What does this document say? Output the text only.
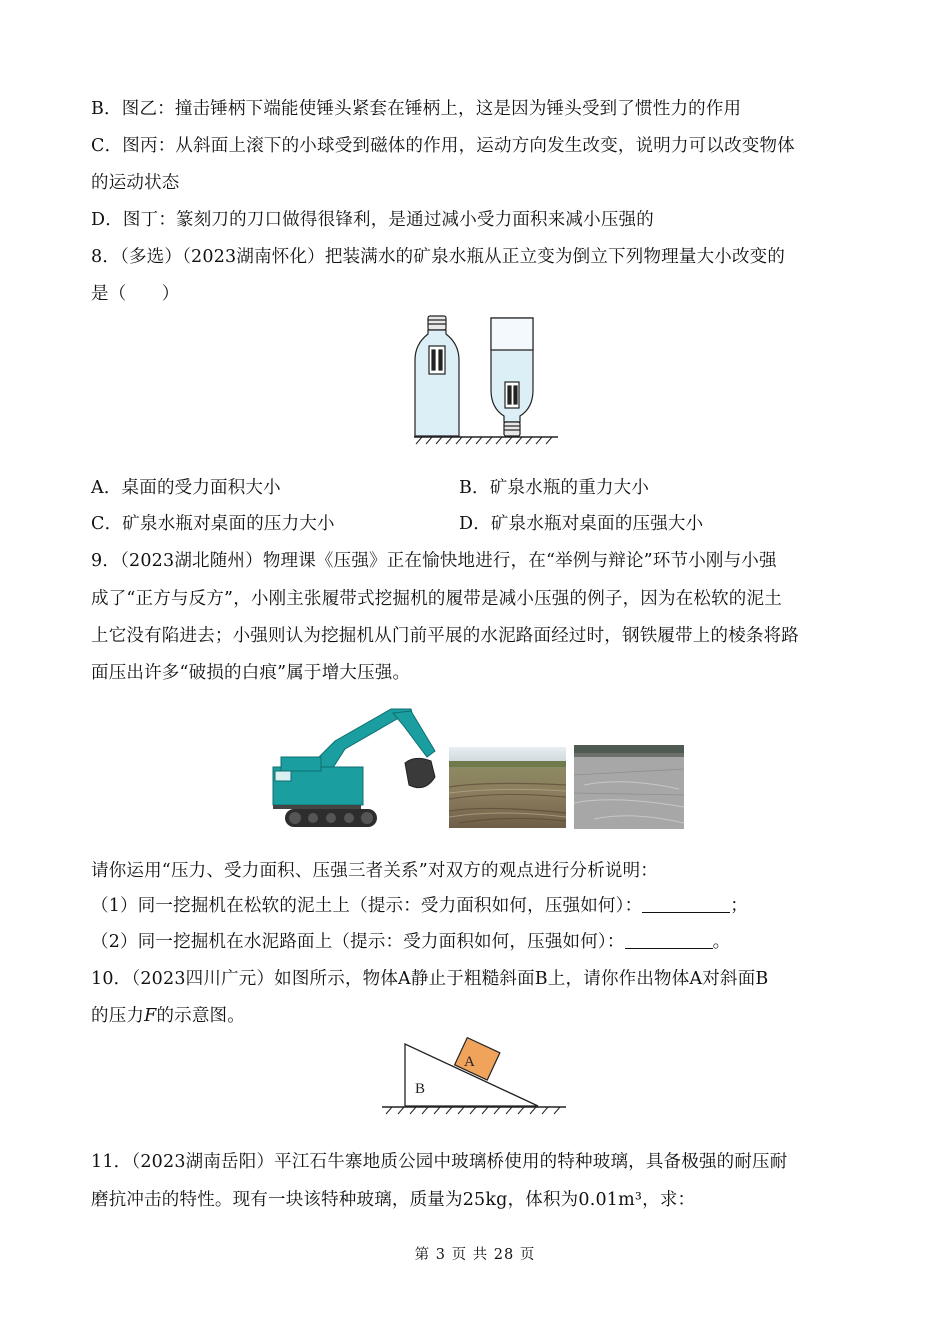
B．图乙：撞击锤柄下端能使锤头紧套在锤柄上，这是因为锤头受到了惯性力的作用
C．图丙：从斜面上滚下的小球受到磁体的作用，运动方向发生改变，说明力可以改变物体
的运动状态
D．图丁：篆刻刀的刀口做得很锋利，是通过减小受力面积来减小压强的
8．（多选）（2023湖南怀化）把装满水的矿泉水瓶从正立变为倒立下列物理量大小改变的
是（　　）
A．桌面的受力面积大小	B．矿泉水瓶的重力大小
C．矿泉水瓶对桌面的压力大小	D．矿泉水瓶对桌面的压强大小
9．（2023湖北随州）物理课《压强》正在愉快地进行，在“举例与辩论”环节小刚与小强
成了“正方与反方”，小刚主张履带式挖掘机的履带是减小压强的例子，因为在松软的泥土
上它没有陷进去；小强则认为挖掘机从门前平展的水泥路面经过时，钢铁履带上的棱条将路
面压出许多“破损的白痕”属于增大压强。
请你运用“压力、受力面积、压强三者关系”对双方的观点进行分析说明：
（1）同一挖掘机在松软的泥土上（提示：受力面积如何，压强如何）：	；
（2）同一挖掘机在水泥路面上（提示：受力面积如何，压强如何）：	。
10．（2023四川广元）如图所示，物体A静止于粗糙斜面B上，请你作出物体A对斜面B
的压力F的示意图。
A
B
11．（2023湖南岳阳）平江石牛寨地质公园中玻璃桥使用的特种玻璃，具备极强的耐压耐
磨抗冲击的特性。现有一块该特种玻璃，质量为25kg，体积为0.01m³，求：
第 3 页 共 28 页
